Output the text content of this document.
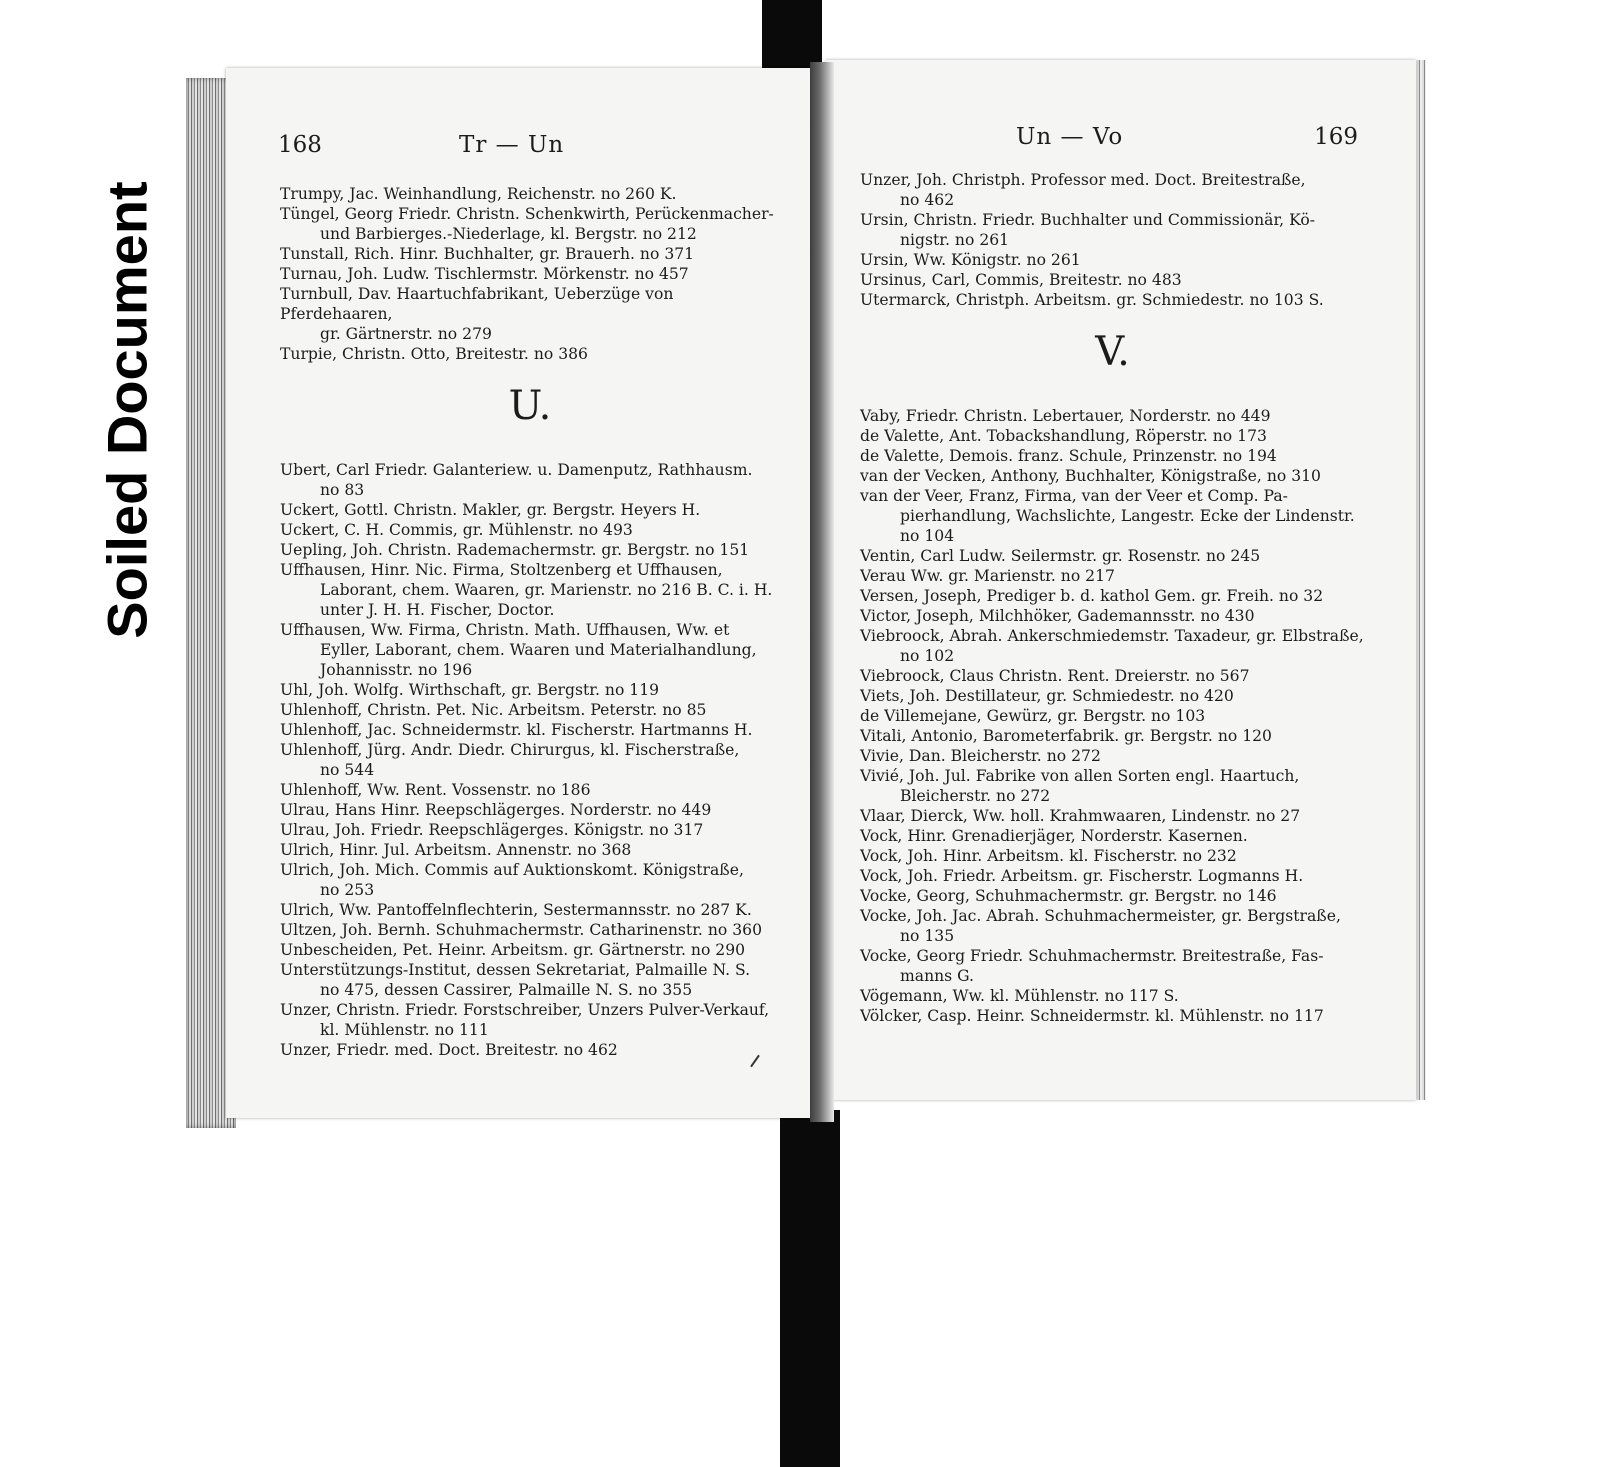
Soiled Document
168	Tr — Un

Trumpy, Jac. Weinhandlung, Reichenstr. no 260 K.

Tüngel, Georg Friedr. Christn. Schenkwirth, Perückenmacher-
und Barbierges.-Niederlage, kl. Bergstr. no 212

Tunstall, Rich. Hinr. Buchhalter, gr. Brauerh. no 371

Turnau, Joh. Ludw. Tischlermstr. Mörkenstr. no 457

Turnbull, Dav. Haartuchfabrikant, Ueberzüge von Pferdehaaren,
gr. Gärtnerstr. no 279

Turpie, Christn. Otto, Breitestr. no 386

U.

Ubert, Carl Friedr. Galanteriew. u. Damenputz, Rathhausm.
no 83

Uckert, Gottl. Christn. Makler, gr. Bergstr. Heyers H.

Uckert, C. H. Commis, gr. Mühlenstr. no 493

Uepling, Joh. Christn. Rademachermstr. gr. Bergstr. no 151

Uffhausen, Hinr. Nic. Firma, Stoltzenberg et Uffhausen,
Laborant, chem. Waaren, gr. Marienstr. no 216 B. C. i. H. unter J. H. H. Fischer, Doctor.

Uffhausen, Ww. Firma, Christn. Math. Uffhausen, Ww. et
Eyller, Laborant, chem. Waaren und Materialhandlung, Johannisstr. no 196

Uhl, Joh. Wolfg. Wirthschaft, gr. Bergstr. no 119

Uhlenhoff, Christn. Pet. Nic. Arbeitsm. Peterstr. no 85

Uhlenhoff, Jac. Schneidermstr. kl. Fischerstr. Hartmanns H.

Uhlenhoff, Jürg. Andr. Diedr. Chirurgus, kl. Fischerstraße,
no 544

Uhlenhoff, Ww. Rent. Vossenstr. no 186

Ulrau, Hans Hinr. Reepschlägerges. Norderstr. no 449

Ulrau, Joh. Friedr. Reepschlägerges. Königstr. no 317

Ulrich, Hinr. Jul. Arbeitsm. Annenstr. no 368

Ulrich, Joh. Mich. Commis auf Auktionskomt. Königstraße,
no 253

Ulrich, Ww. Pantoffelnflechterin, Sestermannsstr. no 287 K.

Ultzen, Joh. Bernh. Schuhmachermstr. Catharinenstr. no 360

Unbescheiden, Pet. Heinr. Arbeitsm. gr. Gärtnerstr. no 290

Unterstützungs-Institut, dessen Sekretariat, Palmaille N. S.
no 475, dessen Cassirer, Palmaille N. S. no 355

Unzer, Christn. Friedr. Forstschreiber, Unzers Pulver-Verkauf,
kl. Mühlenstr. no 111

Unzer, Friedr. med. Doct. Breitestr. no 462

Un — Vo	169

Unzer, Joh. Christph. Professor med. Doct. Breitestraße,
no 462

Ursin, Christn. Friedr. Buchhalter und Commissionär, Kö-
nigstr. no 261

Ursin, Ww. Königstr. no 261

Ursinus, Carl, Commis, Breitestr. no 483

Utermarck, Christph. Arbeitsm. gr. Schmiedestr. no 103 S.

V.

Vaby, Friedr. Christn. Lebertauer, Norderstr. no 449

de Valette, Ant. Tobackshandlung, Röperstr. no 173

de Valette, Demois. franz. Schule, Prinzenstr. no 194

van der Vecken, Anthony, Buchhalter, Königstraße, no 310

van der Veer, Franz, Firma, van der Veer et Comp. Pa-
pierhandlung, Wachslichte, Langestr. Ecke der Lindenstr. no 104

Ventin, Carl Ludw. Seilermstr. gr. Rosenstr. no 245

Verau Ww. gr. Marienstr. no 217

Versen, Joseph, Prediger b. d. kathol Gem. gr. Freih. no 32

Victor, Joseph, Milchhöker, Gademannsstr. no 430

Viebroock, Abrah. Ankerschmiedemstr. Taxadeur, gr. Elbstraße,
no 102

Viebroock, Claus Christn. Rent. Dreierstr. no 567

Viets, Joh. Destillateur, gr. Schmiedestr. no 420

de Villemejane, Gewürz, gr. Bergstr. no 103

Vitali, Antonio, Barometerfabrik. gr. Bergstr. no 120

Vivie, Dan. Bleicherstr. no 272

Vivié, Joh. Jul. Fabrike von allen Sorten engl. Haartuch,
Bleicherstr. no 272

Vlaar, Dierck, Ww. holl. Krahmwaaren, Lindenstr. no 27

Vock, Hinr. Grenadierjäger, Norderstr. Kasernen.

Vock, Joh. Hinr. Arbeitsm. kl. Fischerstr. no 232

Vock, Joh. Friedr. Arbeitsm. gr. Fischerstr. Logmanns H.

Vocke, Georg, Schuhmachermstr. gr. Bergstr. no 146

Vocke, Joh. Jac. Abrah. Schuhmachermeister, gr. Bergstraße,
no 135

Vocke, Georg Friedr. Schuhmachermstr. Breitestraße, Fas-
manns G.

Vögemann, Ww. kl. Mühlenstr. no 117 S.

Völcker, Casp. Heinr. Schneidermstr. kl. Mühlenstr. no 117
